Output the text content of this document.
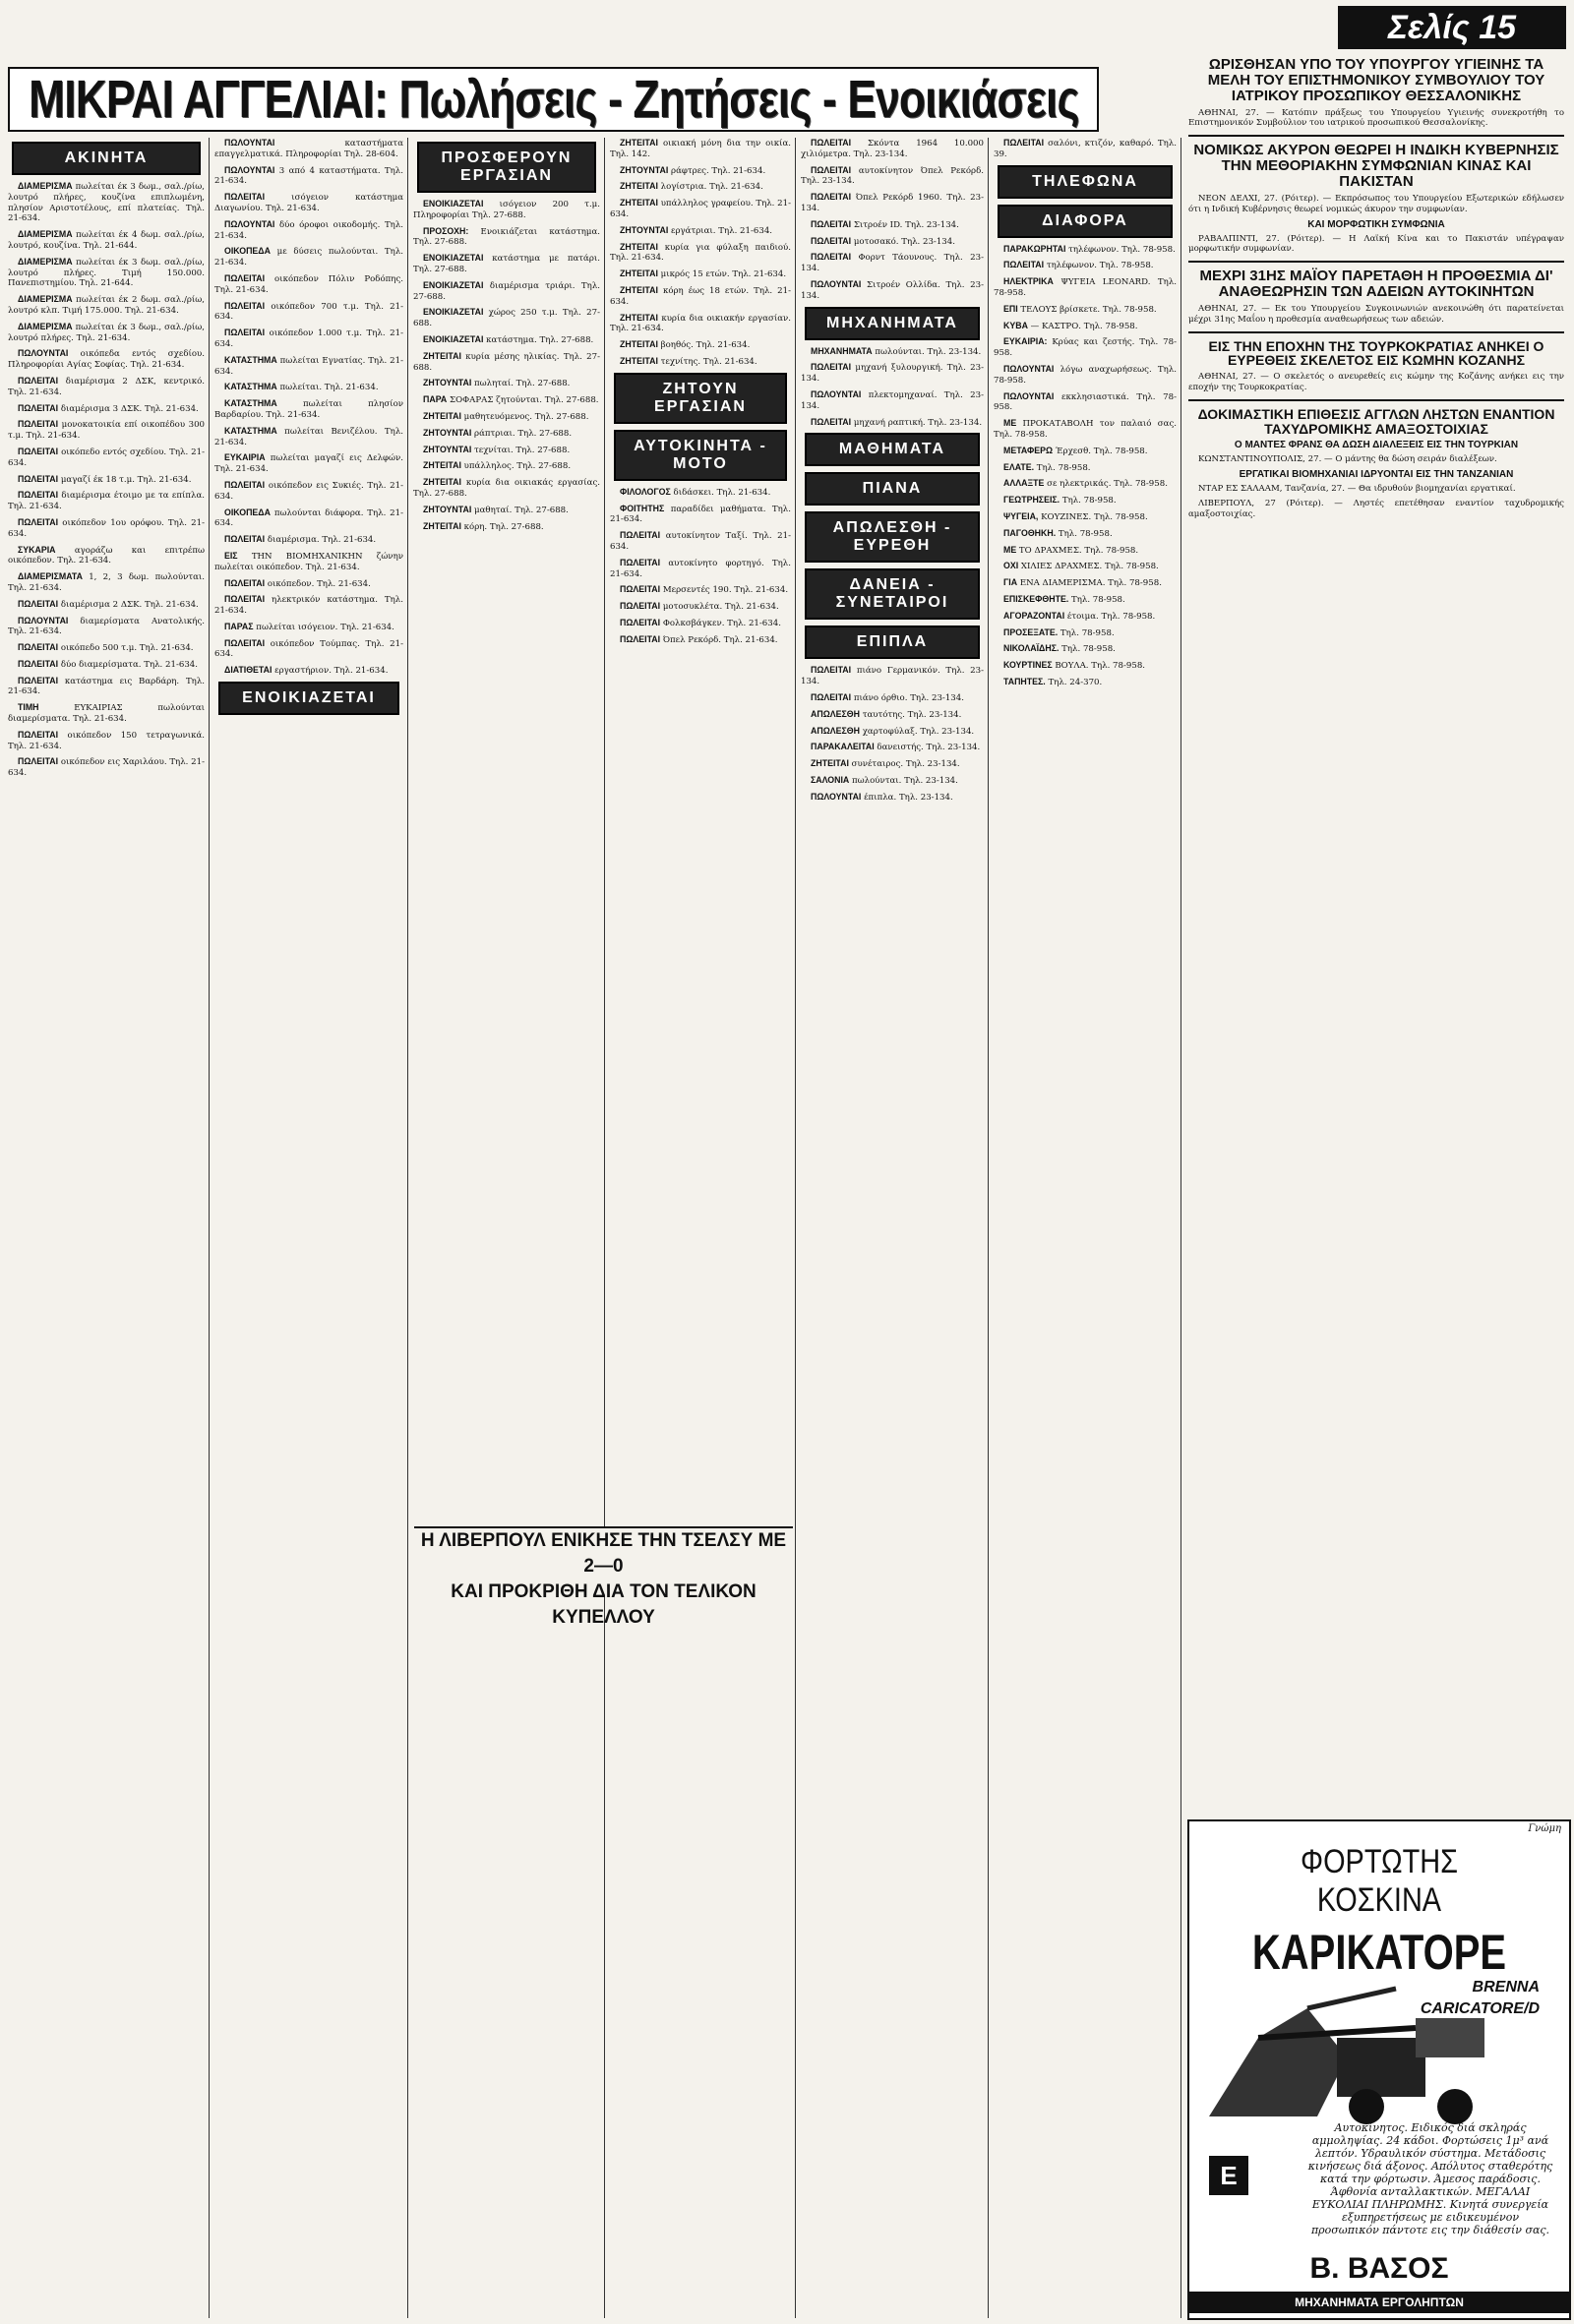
Σελίς 15
ΜΙΚΡΑΙ ΑΓΓΕΛΙΑΙ: Πωλήσεις - Ζητήσεις - Ενοικιάσεις
ΑΚΙΝΗΤΑ
ΔΙΑΜΕΡΙΣΜΑ πωλείται έκ 3 δωμ., σαλ./ρίω, λουτρό πλήρες, κουζίνα επιπλωμένη, πλησίον Αριστοτέλους, επί πλατείας. Τηλ. 21-634.
ΔΙΑΜΕΡΙΣΜΑ πωλείται έκ 4 δωμ. σαλ./ρίω, λουτρό, κουζίνα. Τηλ. 21-644.
ΔΙΑΜΕΡΙΣΜΑ πωλείται έκ 3 δωμ. σαλ./ρίω, λουτρό πλήρες. Τιμή 150.000. Πανεπιστημίου. Τηλ. 21-644.
ΔΙΑΜΕΡΙΣΜΑ πωλείται έκ 2 δωμ. σαλ./ρίω, λουτρό κλπ. Τιμή 175.000. Τηλ. 21-634.
ΔΙΑΜΕΡΙΣΜΑ πωλείται έκ 3 δωμ., σαλ./ρίω, λουτρό πλήρες. Τηλ. 21-634.
ΠΩΛΟΥΝΤΑΙ οικόπεδα εντός σχεδίου. Πληροφορίαι Αγίας Σοφίας. Τηλ. 21-634.
ΠΩΛΕΙΤΑΙ διαμέρισμα 2 ΔΣΚ, κεντρικό. Τηλ. 21-634.
ΠΩΛΕΙΤΑΙ διαμέρισμα 3 ΔΣΚ. Τηλ. 21-634.
ΠΩΛΕΙΤΑΙ μονοκατοικία επί οικοπέδου 300 τ.μ. Τηλ. 21-634.
ΠΩΛΕΙΤΑΙ οικόπεδο εντός σχεδίου. Τηλ. 21-634.
ΠΩΛΕΙΤΑΙ μαγαζί έκ 18 τ.μ. Τηλ. 21-634.
ΠΩΛΕΙΤΑΙ διαμέρισμα έτοιμο με τα επίπλα. Τηλ. 21-634.
ΠΩΛΕΙΤΑΙ οικόπεδον 1ου ορόφου. Τηλ. 21-634.
ΣΥΚΑΡΙΑ αγοράζω και επιτρέπω οικόπεδον. Τηλ. 21-634.
ΔΙΑΜΕΡΙΣΜΑΤΑ 1, 2, 3 δωμ. πωλούνται. Τηλ. 21-634.
ΠΩΛΕΙΤΑΙ διαμέρισμα 2 ΔΣΚ. Τηλ. 21-634.
ΠΩΛΟΥΝΤΑΙ διαμερίσματα Ανατολικής. Τηλ. 21-634.
ΠΩΛΕΙΤΑΙ οικόπεδο 500 τ.μ. Τηλ. 21-634.
ΠΩΛΕΙΤΑΙ δύο διαμερίσματα. Τηλ. 21-634.
ΠΩΛΕΙΤΑΙ κατάστημα εις Βαρδάρη. Τηλ. 21-634.
ΤΙΜΗ ΕΥΚΑΙΡΙΑΣ πωλούνται διαμερίσματα. Τηλ. 21-634.
ΠΩΛΕΙΤΑΙ οικόπεδον 150 τετραγωνικά. Τηλ. 21-634.
ΠΩΛΕΙΤΑΙ οικόπεδον εις Χαριλάου. Τηλ. 21-634.
ΠΩΛΟΥΝΤΑΙ καταστήματα επαγγελματικά. Πληροφορίαι Τηλ. 28-604.
ΠΩΛΟΥΝΤΑΙ 3 από 4 καταστήματα. Τηλ. 21-634.
ΠΩΛΕΙΤΑΙ ισόγειον κατάστημα Διαγωνίου. Τηλ. 21-634.
ΠΩΛΟΥΝΤΑΙ δύο όροφοι οικοδομής. Τηλ. 21-634.
ΟΙΚΟΠΕΔΑ με δύσεις πωλούνται. Τηλ. 21-634.
ΠΩΛΕΙΤΑΙ οικόπεδον Πόλιν Ροδόπης. Τηλ. 21-634.
ΠΩΛΕΙΤΑΙ οικόπεδον 700 τ.μ. Τηλ. 21-634.
ΠΩΛΕΙΤΑΙ οικόπεδον 1.000 τ.μ. Τηλ. 21-634.
ΚΑΤΑΣΤΗΜΑ πωλείται Εγνατίας. Τηλ. 21-634.
ΚΑΤΑΣΤΗΜΑ πωλείται. Τηλ. 21-634.
ΚΑΤΑΣΤΗΜΑ πωλείται πλησίον Βαρδαρίου. Τηλ. 21-634.
ΚΑΤΑΣΤΗΜΑ πωλείται Βενιζέλου. Τηλ. 21-634.
ΕΥΚΑΙΡΙΑ πωλείται μαγαζί εις Δελφών. Τηλ. 21-634.
ΠΩΛΕΙΤΑΙ οικόπεδον εις Συκιές. Τηλ. 21-634.
ΟΙΚΟΠΕΔΑ πωλούνται διάφορα. Τηλ. 21-634.
ΠΩΛΕΙΤΑΙ διαμέρισμα. Τηλ. 21-634.
ΕΙΣ ΤΗΝ ΒΙΟΜΗΧΑΝΙΚΗΝ ζώνην πωλείται οικόπεδον. Τηλ. 21-634.
ΠΩΛΕΙΤΑΙ οικόπεδον. Τηλ. 21-634.
ΠΩΛΕΙΤΑΙ ηλεκτρικόν κατάστημα. Τηλ. 21-634.
ΠΑΡΑΣ πωλείται ισόγειον. Τηλ. 21-634.
ΠΩΛΕΙΤΑΙ οικόπεδον Τούμπας. Τηλ. 21-634.
ΔΙΑΤΙΘΕΤΑΙ εργαστήριον. Τηλ. 21-634.
ΕΝΟΙΚΙΑΖΕΤΑΙ
ΠΡΟΣΦΕΡΟΥΝ ΕΡΓΑΣΙΑΝ
ΕΝΟΙΚΙΑΖΕΤΑΙ ισόγειον 200 τ.μ. Πληροφορίαι Τηλ. 27-688.
ΠΡΟΣΟΧΗ: Ενοικιάζεται κατάστημα. Τηλ. 27-688.
ΕΝΟΙΚΙΑΖΕΤΑΙ κατάστημα με πατάρι. Τηλ. 27-688.
ΕΝΟΙΚΙΑΖΕΤΑΙ διαμέρισμα τριάρι. Τηλ. 27-688.
ΕΝΟΙΚΙΑΖΕΤΑΙ χώρος 250 τ.μ. Τηλ. 27-688.
ΕΝΟΙΚΙΑΖΕΤΑΙ κατάστημα. Τηλ. 27-688.
ΖΗΤΕΙΤΑΙ κυρία μέσης ηλικίας. Τηλ. 27-688.
ΖΗΤΟΥΝΤΑΙ πωληταί. Τηλ. 27-688.
ΠΑΡΑ ΣΟΦΑΡΑΣ ζητούνται. Τηλ. 27-688.
ΖΗΤΕΙΤΑΙ μαθητευόμενος. Τηλ. 27-688.
ΖΗΤΟΥΝΤΑΙ ράπτριαι. Τηλ. 27-688.
ΖΗΤΟΥΝΤΑΙ τεχνίται. Τηλ. 27-688.
ΖΗΤΕΙΤΑΙ υπάλληλος. Τηλ. 27-688.
ΖΗΤΕΙΤΑΙ κυρία δια οικιακάς εργασίας. Τηλ. 27-688.
ΖΗΤΟΥΝΤΑΙ μαθηταί. Τηλ. 27-688.
ΖΗΤΕΙΤΑΙ κόρη. Τηλ. 27-688.
ΖΗΤΕΙΤΑΙ οικιακή μόνη δια την οικία. Τηλ. 142.
ΖΗΤΟΥΝΤΑΙ ράφτρες. Τηλ. 21-634.
ΖΗΤΕΙΤΑΙ λογίστρια. Τηλ. 21-634.
ΖΗΤΕΙΤΑΙ υπάλληλος γραφείου. Τηλ. 21-634.
ΖΗΤΟΥΝΤΑΙ εργάτριαι. Τηλ. 21-634.
ΖΗΤΕΙΤΑΙ κυρία για φύλαξη παιδιού. Τηλ. 21-634.
ΖΗΤΕΙΤΑΙ μικρός 15 ετών. Τηλ. 21-634.
ΖΗΤΕΙΤΑΙ κόρη έως 18 ετών. Τηλ. 21-634.
ΖΗΤΕΙΤΑΙ κυρία δια οικιακήν εργασίαν. Τηλ. 21-634.
ΖΗΤΕΙΤΑΙ βοηθός. Τηλ. 21-634.
ΖΗΤΕΙΤΑΙ τεχνίτης. Τηλ. 21-634.
ΖΗΤΟΥΝ ΕΡΓΑΣΙΑΝ
ΑΥΤΟΚΙΝΗΤΑ - ΜΟΤΟ
ΦΙΛΟΛΟΓΟΣ διδάσκει. Τηλ. 21-634.
ΦΟΙΤΗΤΗΣ παραδίδει μαθήματα. Τηλ. 21-634.
ΠΩΛΕΙΤΑΙ αυτοκίνητον Ταξί. Τηλ. 21-634.
ΠΩΛΕΙΤΑΙ αυτοκίνητο φορτηγό. Τηλ. 21-634.
ΠΩΛΕΙΤΑΙ Μερσεντές 190. Τηλ. 21-634.
ΠΩΛΕΙΤΑΙ μοτοσυκλέτα. Τηλ. 21-634.
ΠΩΛΕΙΤΑΙ Φολκσβάγκεν. Τηλ. 21-634.
ΠΩΛΕΙΤΑΙ Όπελ Ρεκόρδ. Τηλ. 21-634.
Η ΛΙΒΕΡΠΟΥΛ ΕΝΙΚΗΣΕ ΤΗΝ ΤΣΕΛΣΥ ΜΕ 2—0
ΚΑΙ ΠΡΟΚΡΙΘΗ ΔΙΑ ΤΟΝ ΤΕΛΙΚΟΝ ΚΥΠΕΛΛΟΥ
ΠΩΛΕΙΤΑΙ Σκόντα 1964 10.000 χιλιόμετρα. Τηλ. 23-134.
ΠΩΛΕΙΤΑΙ αυτοκίνητον Όπελ Ρεκόρδ. Τηλ. 23-134.
ΠΩΛΕΙΤΑΙ Όπελ Ρεκόρδ 1960. Τηλ. 23-134.
ΠΩΛΕΙΤΑΙ Σιτροέν ID. Τηλ. 23-134.
ΠΩΛΕΙΤΑΙ μοτοσακό. Τηλ. 23-134.
ΠΩΛΕΙΤΑΙ Φορντ Τάουνους. Τηλ. 23-134.
ΠΩΛΟΥΝΤΑΙ Σιτροέν Ολλίδα. Τηλ. 23-134.
ΜΗΧΑΝΗΜΑΤΑ
ΜΗΧΑΝΗΜΑΤΑ πωλούνται. Τηλ. 23-134.
ΠΩΛΕΙΤΑΙ μηχανή ξυλουργική. Τηλ. 23-134.
ΠΩΛΟΥΝΤΑΙ πλεκτομηχαναί. Τηλ. 23-134.
ΠΩΛΕΙΤΑΙ μηχανή ραπτική. Τηλ. 23-134.
ΜΑΘΗΜΑΤΑ
ΠΙΑΝΑ
ΑΠΩΛΕΣΘΗ - ΕΥΡΕΘΗ
ΔΑΝΕΙΑ - ΣΥΝΕΤΑΙΡΟΙ
ΕΠΙΠΛΑ
ΠΩΛΕΙΤΑΙ πιάνο Γερμανικόν. Τηλ. 23-134.
ΠΩΛΕΙΤΑΙ πιάνο όρθιο. Τηλ. 23-134.
ΑΠΩΛΕΣΘΗ ταυτότης. Τηλ. 23-134.
ΑΠΩΛΕΣΘΗ χαρτοφύλαξ. Τηλ. 23-134.
ΠΑΡΑΚΑΛΕΙΤΑΙ δανειστής. Τηλ. 23-134.
ΖΗΤΕΙΤΑΙ συνέταιρος. Τηλ. 23-134.
ΣΑΛΟΝΙΑ πωλούνται. Τηλ. 23-134.
ΠΩΛΟΥΝΤΑΙ έπιπλα. Τηλ. 23-134.
ΠΩΛΕΙΤΑΙ σαλόνι, κτιζόν, καθαρό. Τηλ. 39.
ΤΗΛΕΦΩΝΑ
ΔΙΑΦΟΡΑ
ΠΑΡΑΚΩΡΗΤΑΙ τηλέφωνον. Τηλ. 78-958.
ΠΩΛΕΙΤΑΙ τηλέφωνον. Τηλ. 78-958.
ΗΛΕΚΤΡΙΚΑ ΨΥΓΕΙΑ LEONARD. Τηλ. 78-958.
ΕΠΙ ΤΕΛΟΥΣ βρίσκετε. Τηλ. 78-958.
ΚΥΒΑ — ΚΑΣΤΡΟ. Τηλ. 78-958.
ΕΥΚΑΙΡΙΑ: Κρύας και ζεστής. Τηλ. 78-958.
ΠΩΛΟΥΝΤΑΙ λόγω αναχωρήσεως. Τηλ. 78-958.
ΠΩΛΟΥΝΤΑΙ εκκλησιαστικά. Τηλ. 78-958.
ΜΕ ΠΡΟΚΑΤΑΒΟΛΗ τον παλαιό σας. Τηλ. 78-958.
ΜΕΤΑΦΕΡΩ Έρχεσθ. Τηλ. 78-958.
ΕΛΑΤΕ. Τηλ. 78-958.
ΑΛΛΑΞΤΕ σε ηλεκτρικάς. Τηλ. 78-958.
ΓΕΩΤΡΗΣΕΙΣ. Τηλ. 78-958.
ΨΥΓΕΙΑ, ΚΟΥΖΙΝΕΣ. Τηλ. 78-958.
ΠΑΓΟΘΗΚΗ. Τηλ. 78-958.
ΜΕ ΤΟ ΔΡΑΧΜΕΣ. Τηλ. 78-958.
ΟΧΙ ΧΙΛΙΕΣ ΔΡΑΧΜΕΣ. Τηλ. 78-958.
ΓΙΑ ΕΝΑ ΔΙΑΜΕΡΙΣΜΑ. Τηλ. 78-958.
ΕΠΙΣΚΕΦΘΗΤΕ. Τηλ. 78-958.
ΑΓΟΡΑΖΟΝΤΑΙ έτοιμα. Τηλ. 78-958.
ΠΡΟΣΕΞΑΤΕ. Τηλ. 78-958.
ΝΙΚΟΛΑΪΔΗΣ. Τηλ. 78-958.
ΚΟΥΡΤΙΝΕΣ ΒΟΥΛΑ. Τηλ. 78-958.
ΤΑΠΗΤΕΣ. Τηλ. 24-370.
ΩΡΙΣΘΗΣΑΝ ΥΠΟ ΤΟΥ ΥΠΟΥΡΓΟΥ ΥΓΙΕΙΝΗΣ ΤΑ ΜΕΛΗ ΤΟΥ ΕΠΙΣΤΗΜΟΝΙΚΟΥ ΣΥΜΒΟΥΛΙΟΥ ΤΟΥ ΙΑΤΡΙΚΟΥ ΠΡΟΣΩΠΙΚΟΥ ΘΕΣΣΑΛΟΝΙΚΗΣ
ΑΘΗΝΑΙ, 27. — Κατόπιν πράξεως του Υπουργείου Υγιεινής συνεκροτήθη το Επιστημονικόν Συμβούλιον του ιατρικού προσωπικού Θεσσαλονίκης.
ΝΟΜΙΚΩΣ ΑΚΥΡΟΝ ΘΕΩΡΕΙ Η ΙΝΔΙΚΗ ΚΥΒΕΡΝΗΣΙΣ ΤΗΝ ΜΕΘΟΡΙΑΚΗΝ ΣΥΜΦΩΝΙΑΝ ΚΙΝΑΣ ΚΑΙ ΠΑΚΙΣΤΑΝ
ΝΕΟΝ ΔΕΛΧΙ, 27. (Ρόιτερ). — Εκπρόσωπος του Υπουργείου Εξωτερικών εδήλωσεν ότι η Ινδική Κυβέρνησις θεωρεί νομικώς άκυρον την συμφωνίαν.
ΚΑΙ ΜΟΡΦΩΤΙΚΗ ΣΥΜΦΩΝΙΑ
ΡΑΒΑΛΠΙΝΤΙ, 27. (Ρόιτερ). — Η Λαϊκή Κίνα και το Πακιστάν υπέγραψαν μορφωτικήν συμφωνίαν.
ΜΕΧΡΙ 31ΗΣ ΜΑΪΟΥ ΠΑΡΕΤΑΘΗ Η ΠΡΟΘΕΣΜΙΑ ΔΙ' ΑΝΑΘΕΩΡΗΣΙΝ ΤΩΝ ΑΔΕΙΩΝ ΑΥΤΟΚΙΝΗΤΩΝ
ΑΘΗΝΑΙ, 27. — Εκ του Υπουργείου Συγκοινωνιών ανεκοινώθη ότι παρατείνεται μέχρι 31ης Μαΐου η προθεσμία αναθεωρήσεως των αδειών.
ΕΙΣ ΤΗΝ ΕΠΟΧΗΝ ΤΗΣ ΤΟΥΡΚΟΚΡΑΤΙΑΣ ΑΝΗΚΕΙ Ο ΕΥΡΕΘΕΙΣ ΣΚΕΛΕΤΟΣ ΕΙΣ ΚΩΜΗΝ ΚΟΖΑΝΗΣ
ΑΘΗΝΑΙ, 27. — Ο σκελετός ο ανευρεθείς εις κώμην της Κοζάνης ανήκει εις την εποχήν της Τουρκοκρατίας.
ΔΟΚΙΜΑΣΤΙΚΗ ΕΠΙΘΕΣΙΣ ΑΓΓΛΩΝ ΛΗΣΤΩΝ ΕΝΑΝΤΙΟΝ ΤΑΧΥΔΡΟΜΙΚΗΣ ΑΜΑΞΟΣΤΟΙΧΙΑΣ
Ο ΜΑΝΤΕΣ ΦΡΑΝΣ ΘΑ ΔΩΣΗ ΔΙΑΛΕΞΕΙΣ ΕΙΣ ΤΗΝ ΤΟΥΡΚΙΑΝ
ΚΩΝΣΤΑΝΤΙΝΟΥΠΟΛΙΣ, 27. — Ο μάντης θα δώση σειράν διαλέξεων.
ΕΡΓΑΤΙΚΑΙ ΒΙΟΜΗΧΑΝΙΑΙ ΙΔΡΥΟΝΤΑΙ ΕΙΣ ΤΗΝ ΤΑΝΖΑΝΙΑΝ
ΝΤΑΡ ΕΣ ΣΑΛΑΑΜ, Τανζανία, 27. — Θα ιδρυθούν βιομηχανίαι εργατικαί.
ΛΙΒΕΡΠΟΥΛ, 27 (Ρόιτερ). — Ληστές επετέθησαν εναντίον ταχυδρομικής αμαξοστοιχίας.
Γνώμη
ΦΟΡΤΩΤΗΣ
ΚΟΣΚΙΝΑ
ΚΑΡΙΚΑΤΟΡΕ
BRENNA
CARICATORE/D
Ε
Αυτοκίνητος. Ειδικός διά σκληράς αμμοληψίας. 24 κάδοι. Φορτώσεις 1μ³ ανά λεπτόν. Υδραυλικόν σύστημα. Μετάδοσις κινήσεως διά άξονος. Απόλυτος σταθερότης κατά την φόρτωσιν. Άμεσος παράδοσις. Άφθονία ανταλλακτικών. ΜΕΓΑΛΑΙ ΕΥΚΟΛΙΑΙ ΠΛΗΡΩΜΗΣ. Κινητά συνεργεία εξυπηρετήσεως με ειδικευμένον προσωπικόν πάντοτε εις την διάθεσίν σας.
Β. ΒΑΣΟΣ
ΜΗΧΑΝΗΜΑΤΑ ΕΡΓΟΛΗΠΤΩΝ
